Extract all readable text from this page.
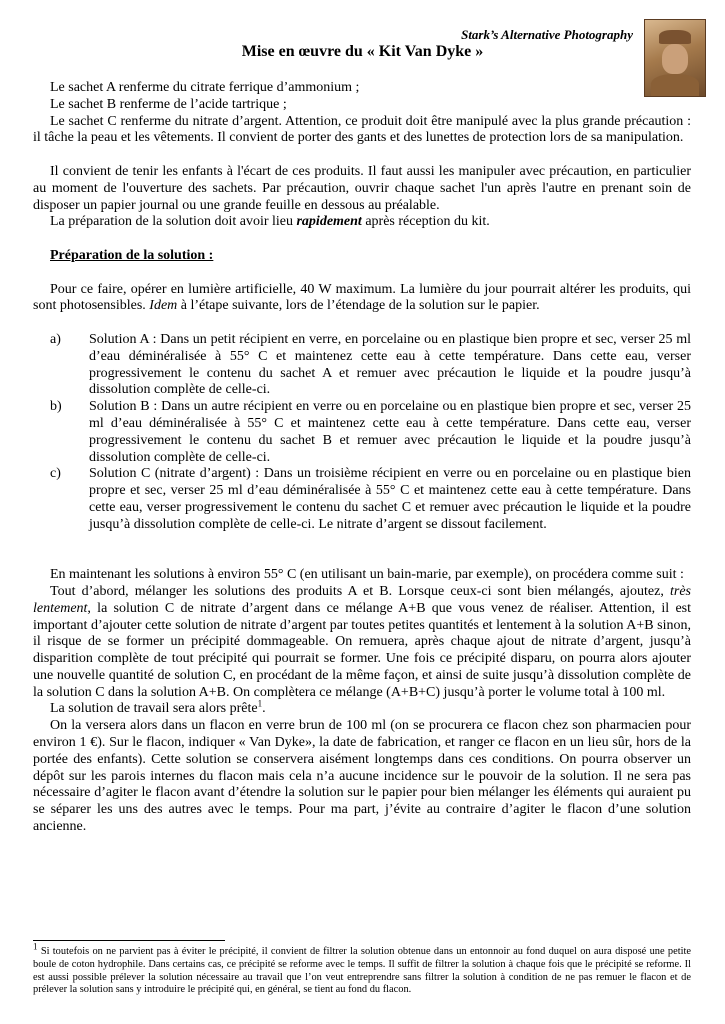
Stark’s Alternative Photography
Mise en œuvre du « Kit Van Dyke »

Le sachet A renferme du citrate ferrique d’ammonium ;

Le sachet B renferme de l’acide tartrique ;

Le sachet C renferme du nitrate d’argent. Attention, ce produit doit être manipulé avec la plus grande précaution : il tâche la peau et les vêtements. Il convient de porter des gants et des lunettes de protection lors de sa manipulation.

Il convient de tenir les enfants à l'écart de ces produits. Il faut aussi les manipuler avec précaution, en particulier au moment de l'ouverture des sachets. Par précaution, ouvrir chaque sachet l'un après l'autre en prenant soin de disposer un papier journal ou une grande feuille en dessous au préalable.

La préparation de la solution doit avoir lieu rapidement après réception du kit.

Préparation de la solution :

Pour ce faire, opérer en lumière artificielle, 40 W maximum. La lumière du jour pourrait altérer les produits, qui sont photosensibles. Idem à l’étape suivante, lors de l’étendage de la solution sur le papier.

a)	Solution A : Dans un petit récipient en verre, en porcelaine ou en plastique bien propre et sec, verser 25 ml d’eau déminéralisée à 55° C et maintenez cette eau à cette température. Dans cette eau, verser progressivement le contenu du sachet A et remuer avec précaution le liquide et la poudre jusqu’à dissolution complète de celle-ci.
b)	Solution B : Dans un autre récipient en verre ou en porcelaine ou en plastique bien propre et sec, verser 25 ml d’eau déminéralisée à 55° C et maintenez cette eau à cette température. Dans cette eau, verser progressivement le contenu du sachet B et remuer avec précaution le liquide et la poudre jusqu’à dissolution complète de celle-ci.
c)	Solution C (nitrate d’argent) : Dans un troisième récipient en verre ou en porcelaine ou en plastique bien propre et sec, verser 25 ml d’eau déminéralisée à 55° C et maintenez cette eau à cette température. Dans cette eau, verser progressivement le contenu du sachet C et remuer avec précaution le liquide et la poudre jusqu’à dissolution complète de celle-ci. Le nitrate d’argent se dissout facilement.

En maintenant les solutions à environ 55° C (en utilisant un bain-marie, par exemple), on procédera comme suit :

Tout d’abord, mélanger les solutions des produits A et B. Lorsque ceux-ci sont bien mélangés, ajoutez, très lentement, la solution C de nitrate d’argent dans ce mélange A+B que vous venez de réaliser. Attention, il est important d’ajouter cette solution de nitrate d’argent par toutes petites quantités et lentement à la solution A+B sinon, il risque de se former un précipité dommageable. On remuera, après chaque ajout de nitrate d’argent, jusqu’à disparition complète de tout précipité qui pourrait se former. Une fois ce précipité disparu, on pourra alors ajouter une nouvelle quantité de solution C, en procédant de la même façon, et ainsi de suite jusqu’à dissolution complète de la solution C dans la solution A+B. On complètera ce mélange (A+B+C) jusqu’à porter le volume total à 100 ml.

La solution de travail sera alors prête$^1$.

On la versera alors dans un flacon en verre brun de 100 ml (on se procurera ce flacon chez son pharmacien pour environ 1 €). Sur le flacon, indiquer « Van Dyke», la date de fabrication, et ranger ce flacon en un lieu sûr, hors de la portée des enfants). Cette solution se conservera aisément longtemps dans ces conditions. On pourra observer un dépôt sur les parois internes du flacon mais cela n’a aucune incidence sur le pouvoir de la solution. Il ne sera pas nécessaire d’agiter le flacon avant d’étendre la solution sur le papier pour bien mélanger les éléments qui auraient pu se séparer les uns des autres avec le temps. Pour ma part, j’évite au contraire d’agiter le flacon d’une solution ancienne.

$^1$ Si toutefois on ne parvient pas à éviter le précipité, il convient de filtrer la solution obtenue dans un entonnoir au fond duquel on aura disposé une petite boule de coton hydrophile. Dans certains cas, ce précipité se reforme avec le temps. Il suffit de filtrer la solution à chaque fois que le précipité se reforme. Il est aussi possible prélever la solution nécessaire au travail que l’on veut entreprendre sans filtrer la solution à condition de ne pas remuer le flacon et de prélever la solution sans y introduire le précipité qui, en général, se tient au fond du flacon.
